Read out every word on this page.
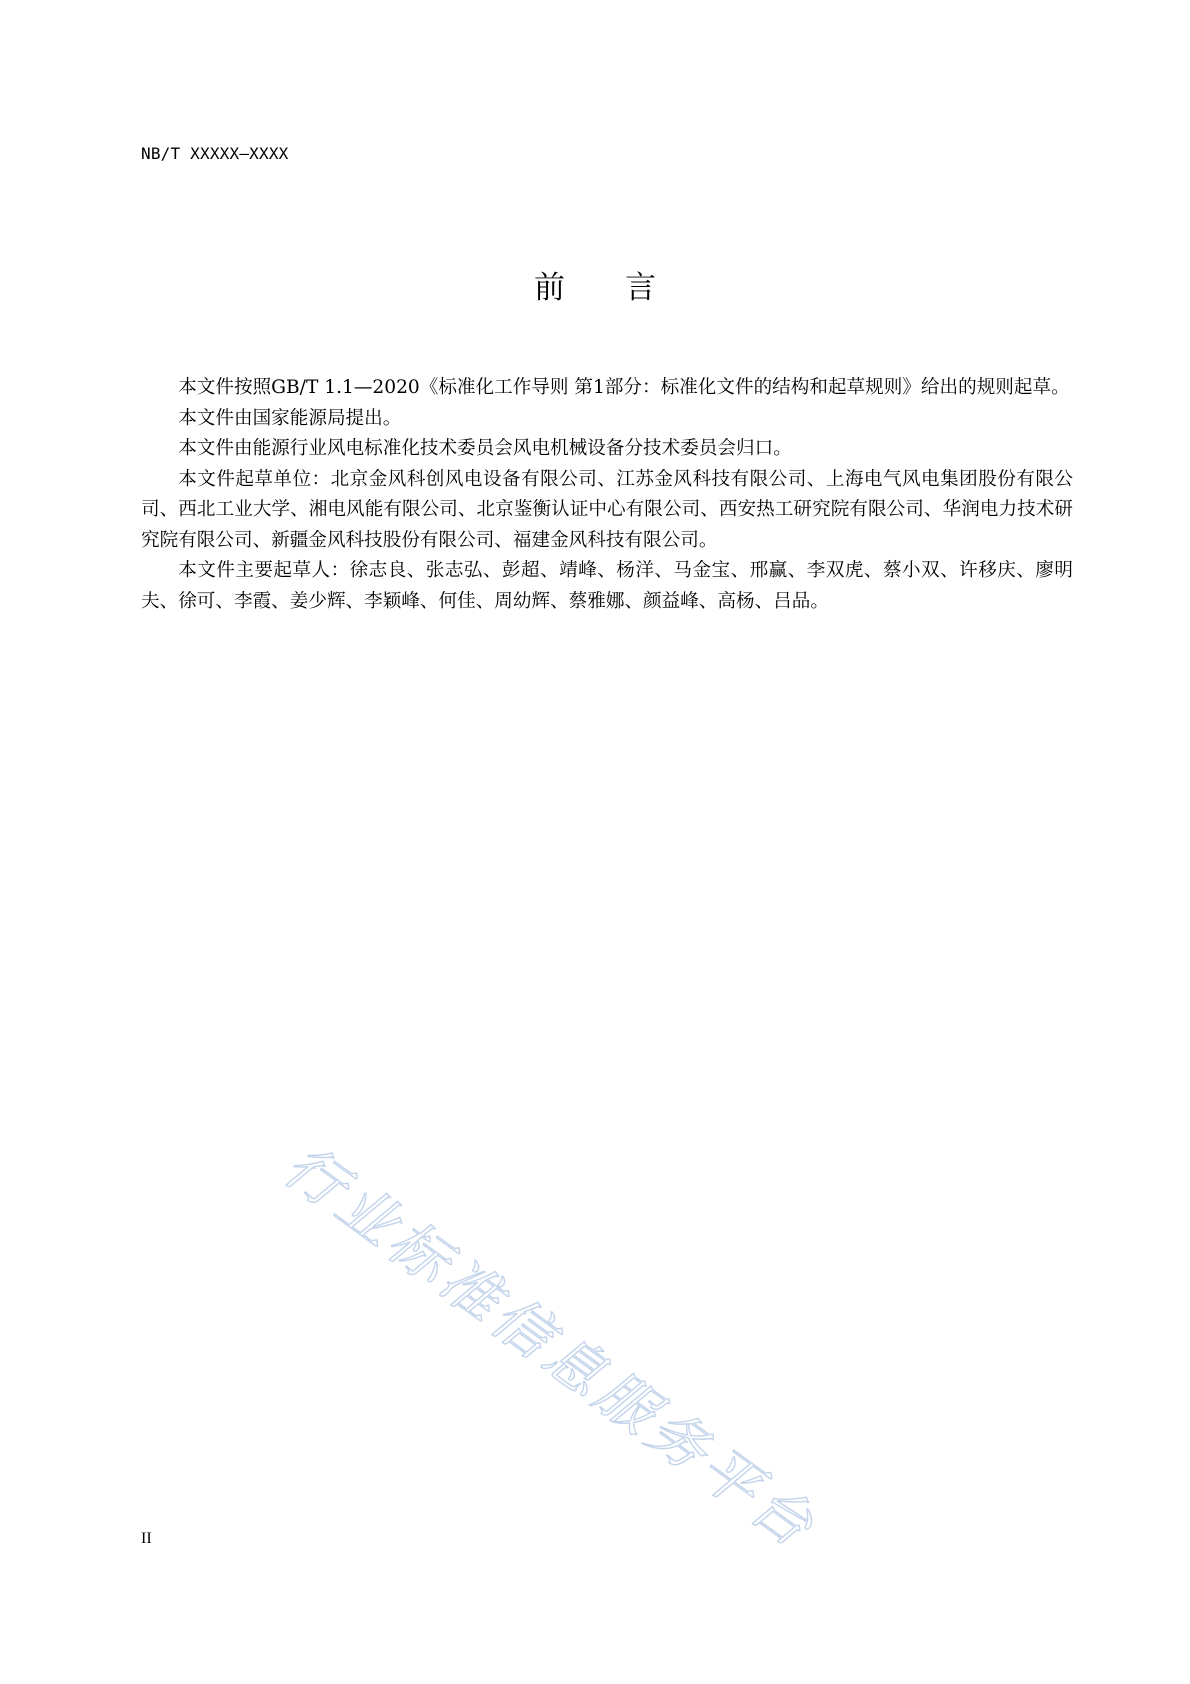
NB/T XXXXX—XXXX
前言

本文件按照GB/T 1.1—2020《标准化工作导则 第1部分：标准化文件的结构和起草规则》给出的规则起草。

本文件由国家能源局提出。

本文件由能源行业风电标准化技术委员会风电机械设备分技术委员会归口。

本文件起草单位：北京金风科创风电设备有限公司、江苏金风科技有限公司、上海电气风电集团股份有限公司、西北工业大学、湘电风能有限公司、北京鉴衡认证中心有限公司、西安热工研究院有限公司、华润电力技术研究院有限公司、新疆金风科技股份有限公司、福建金风科技有限公司。

本文件主要起草人：徐志良、张志弘、彭超、靖峰、杨洋、马金宝、邢赢、李双虎、蔡小双、许移庆、廖明夫、徐可、李霞、姜少辉、李颖峰、何佳、周幼辉、蔡雅娜、颜益峰、高杨、吕品。

行业标准信息服务平台
II
